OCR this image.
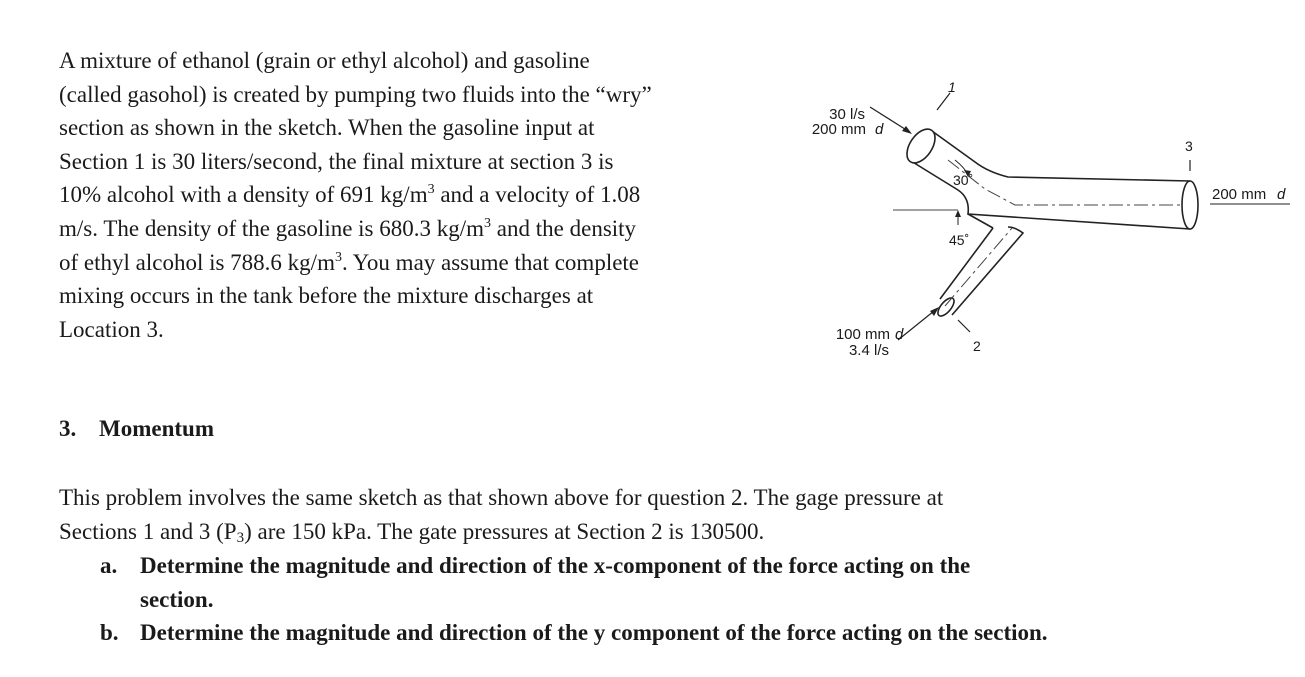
A mixture of ethanol (grain or ethyl alcohol) and gasoline
(called gasohol) is created by pumping two fluids into the “wry”
section as shown in the sketch. When the gasoline input at
Section 1 is 30 liters/second, the final mixture at section 3 is
10% alcohol with a density of 691 $kg/m^3$ and a velocity of 1.08
m/s. The density of the gasoline is 680.3 $kg/m^3$ and the density
of ethyl alcohol is 788.6 $kg/m^3$. You may assume that complete
mixing occurs in the tank before the mixture discharges at
Location 3.
1
30 l/s
200 mm d
3
200 mm d
30˚
45˚
100 mm d
3.4 l/s	2
3. Momentum
This problem involves the same sketch as that shown above for question 2. The gage pressure at
Sections 1 and 3 $(P_3)$ are 150 kPa. The gate pressures at Section 2 is 130500.
a. Determine the magnitude and direction of the x-component of the force acting on the
section.
b. Determine the magnitude and direction of the y component of the force acting on the section.
